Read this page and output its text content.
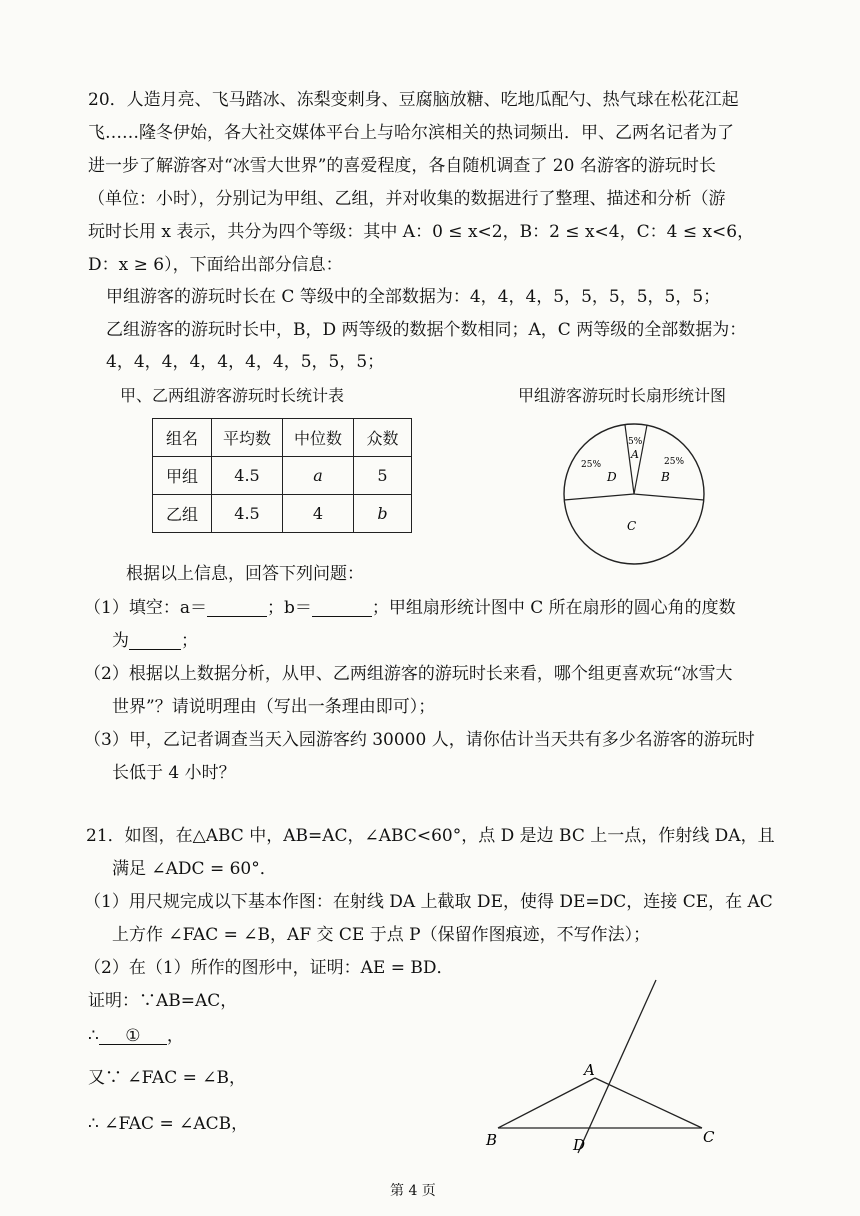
20．人造月亮、飞马踏冰、冻梨变刺身、豆腐脑放糖、吃地瓜配勺、热气球在松花江起
飞……隆冬伊始，各大社交媒体平台上与哈尔滨相关的热词频出．甲、乙两名记者为了
进一步了解游客对“冰雪大世界”的喜爱程度，各自随机调查了 20 名游客的游玩时长
（单位：小时），分别记为甲组、乙组，并对收集的数据进行了整理、描述和分析（游
玩时长用 x 表示，共分为四个等级：其中 A：0 ≤ x<2，B：2 ≤ x<4，C：4 ≤ x<6，
D：x ≥ 6），下面给出部分信息：
甲组游客的游玩时长在 C 等级中的全部数据为：4，4，4，5，5，5，5，5，5；
乙组游客的游玩时长中，B，D 两等级的数据个数相同；A，C 两等级的全部数据为：
4，4，4，4，4，4，4，5，5，5；
甲、乙两组游客游玩时长统计表	甲组游客游玩时长扇形统计图
组名	平均数	中位数	众数
甲组	4.5	a	5
乙组	4.5	4	b
5%
A
25%
B
25%
D
C
根据以上信息，回答下列问题：
（1）填空：a＝	；b＝	；甲组扇形统计图中 C 所在扇形的圆心角的度数
为	；
（2）根据以上数据分析，从甲、乙两组游客的游玩时长来看，哪个组更喜欢玩“冰雪大
世界”？请说明理由（写出一条理由即可）；
（3）甲，乙记者调查当天入园游客约 30000 人，请你估计当天共有多少名游客的游玩时
长低于 4 小时？
21．如图，在△ABC 中，AB=AC，∠ABC<60°，点 D 是边 BC 上一点，作射线 DA，且
满足 ∠ADC = 60°．
（1）用尺规完成以下基本作图：在射线 DA 上截取 DE，使得 DE=DC，连接 CE，在 AC
上方作 ∠FAC = ∠B，AF 交 CE 于点 P（保留作图痕迹，不写作法）；
（2）在（1）所作的图形中，证明：AE = BD．
证明：∵AB=AC，
∴ ① ，
又∵ ∠FAC = ∠B，
∴ ∠FAC = ∠ACB，
A
B	D	C
第 4 页
